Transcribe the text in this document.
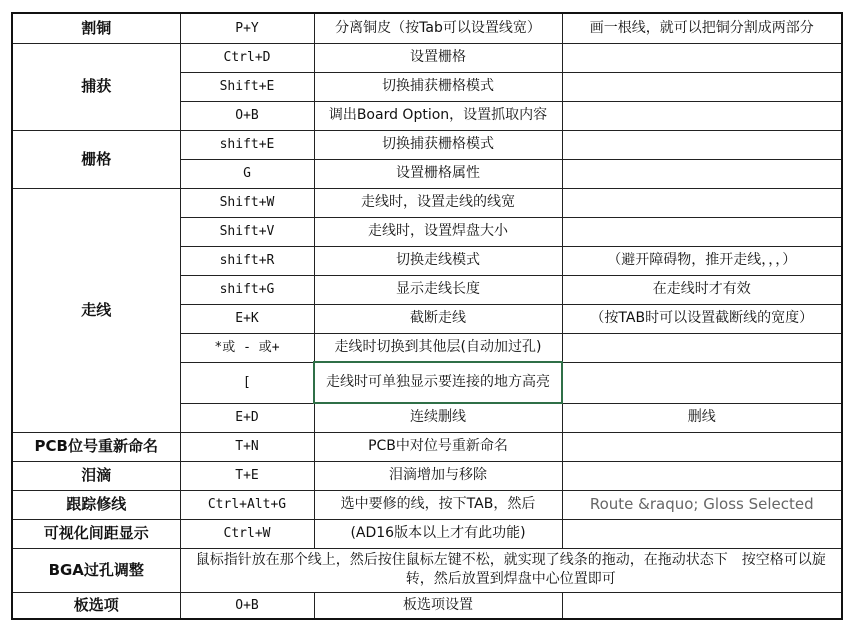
割铜	P+Y	分离铜皮（按Tab可以设置线宽）	画一根线，就可以把铜分割成两部分
捕获	Ctrl+D	设置栅格	
	Shift+E	切换捕获栅格模式	
	O+B	调出Board Option，设置抓取内容	
栅格	shift+E	切换捕获栅格模式	
	G	设置栅格属性	
走线	Shift+W	走线时，设置走线的线宽	
	Shift+V	走线时，设置焊盘大小	
	shift+R	切换走线模式	（避开障碍物，推开走线，，，）
	shift+G	显示走线长度	在走线时才有效
	E+K	截断走线	（按TAB时可以设置截断线的宽度）
	*或 - 或+	走线时切换到其他层(自动加过孔)	
	[	走线时可单独显示要连接的地方高亮	
	E+D	连续删线	删线
PCB位号重新命名	T+N	PCB中对位号重新命名	
泪滴	T+E	泪滴增加与移除	
跟踪修线	Ctrl+Alt+G	选中要修的线，按下TAB，然后	Route &raquo; Gloss Selected
可视化间距显示	Ctrl+W	(AD16版本以上才有此功能)	
BGA过孔调整	鼠标指针放在那个线上，然后按住鼠标左键不松，就实现了线条的拖动，在拖动状态下　按空格可以旋转，然后放置到焊盘中心位置即可		
板选项	O+B	板选项设置	
